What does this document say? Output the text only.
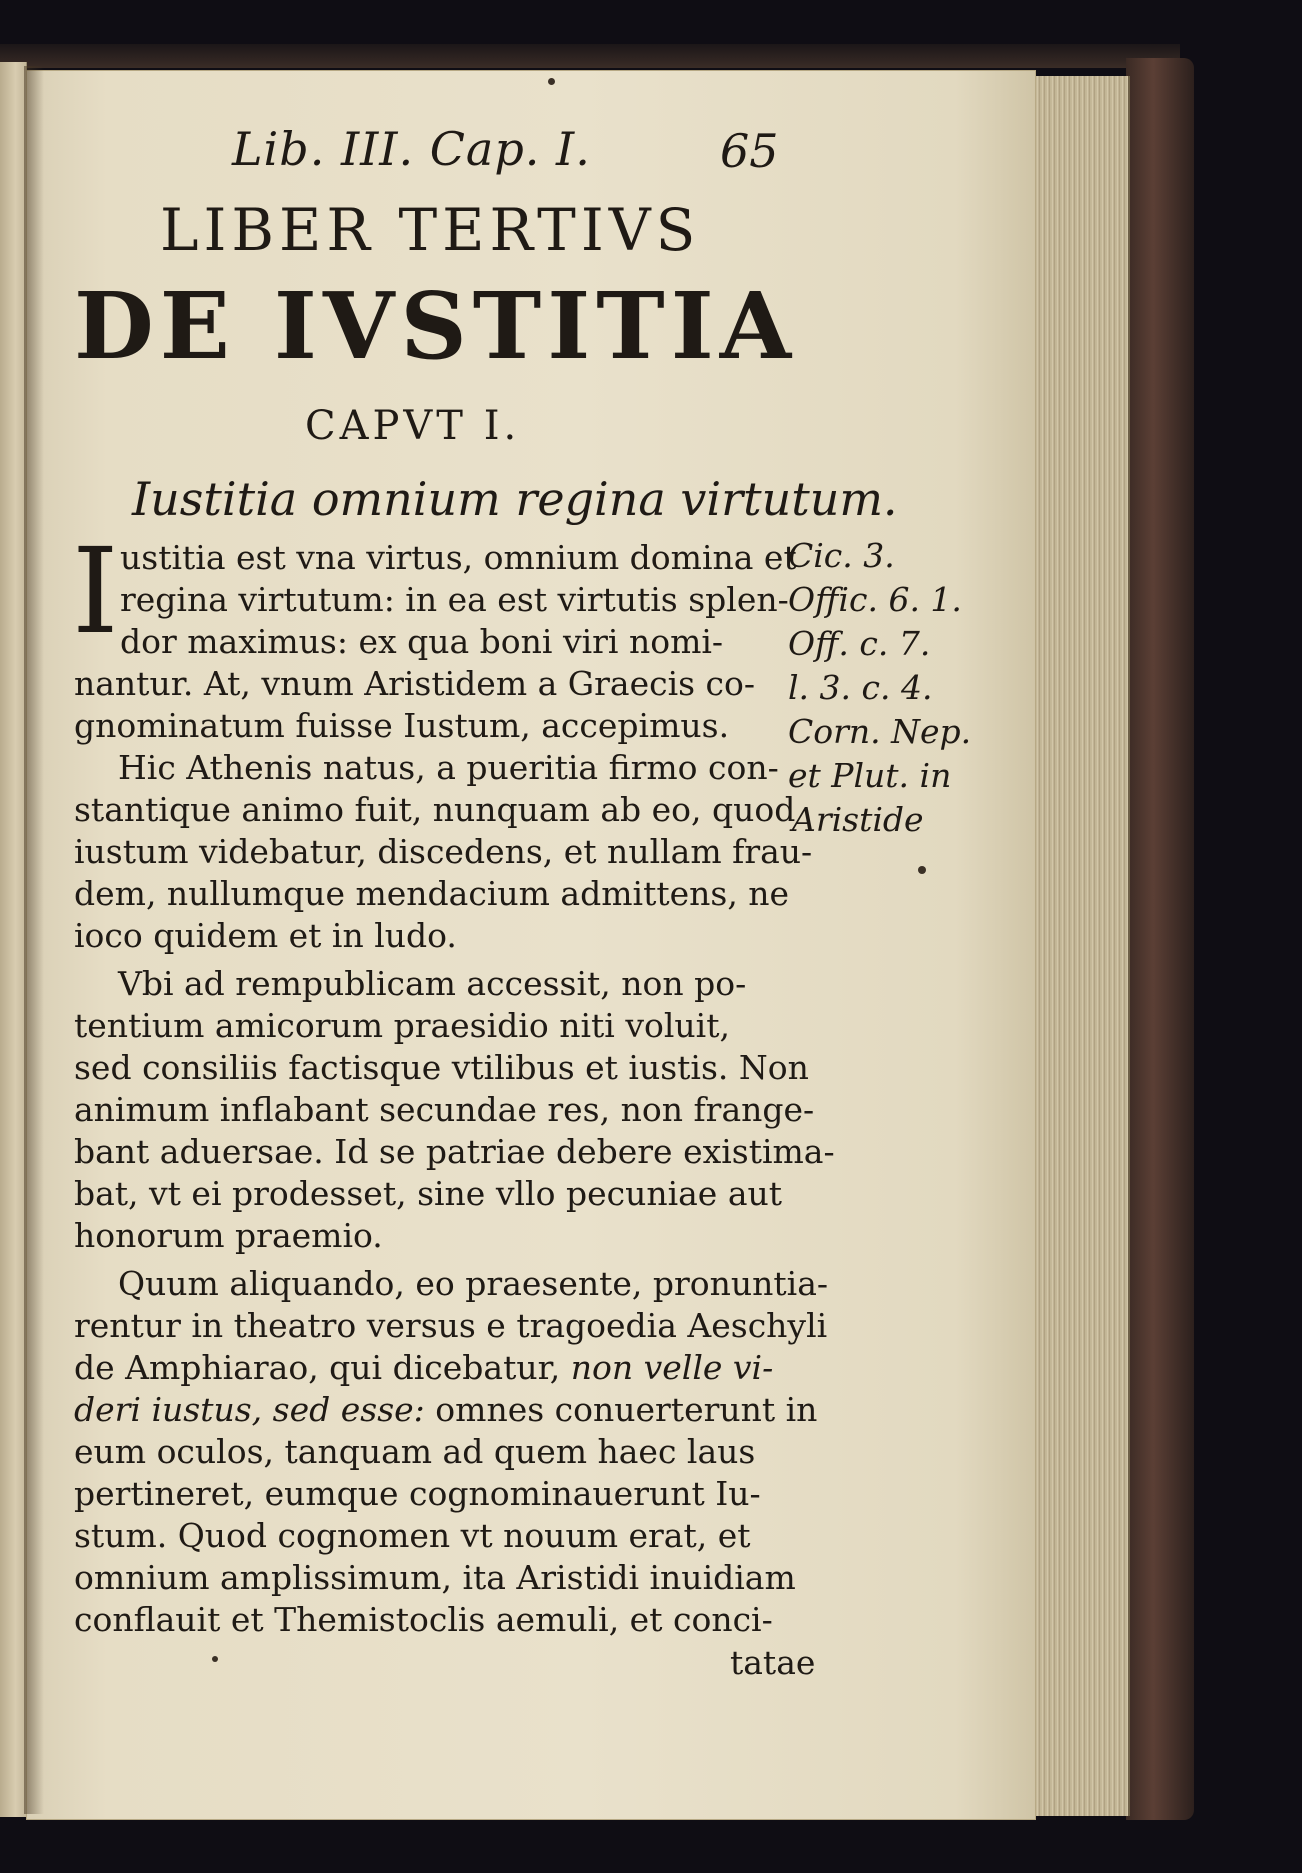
Lib. III. Cap. I.	65
LIBER TERTIVS
DE IVSTITIA
CAPVT I.
Iustitia omnium regina virtutum.
I ustitia est vna virtus, omnium domina et
regina virtutum: in ea est virtutis splen-
dor maximus: ex qua boni viri nomi-
nantur. At, vnum Aristidem a Graecis co-
gnominatum fuisse Iustum, accepimus.
Hic Athenis natus, a pueritia firmo con-
stantique animo fuit, nunquam ab eo, quod
iustum videbatur, discedens, et nullam frau-
dem, nullumque mendacium admittens, ne
ioco quidem et in ludo.
Vbi ad rempublicam accessit, non po-
tentium amicorum praesidio niti voluit,
sed consiliis factisque vtilibus et iustis. Non
animum inflabant secundae res, non frange-
bant aduersae. Id se patriae debere existima-
bat, vt ei prodesset, sine vllo pecuniae aut
honorum praemio.
Quum aliquando, eo praesente, pronuntia-
rentur in theatro versus e tragoedia Aeschyli
de Amphiarao, qui dicebatur, non velle vi-
deri iustus, sed esse: omnes conuerterunt in
eum oculos, tanquam ad quem haec laus
pertineret, eumque cognominauerunt Iu-
stum. Quod cognomen vt nouum erat, et
omnium amplissimum, ita Aristidi inuidiam
conflauit et Themistoclis aemuli, et conci-
tatae
Cic. 3.
Offic. 6. 1.
Off. c. 7.
l. 3. c. 4.
Corn. Nep.
et Plut. in
Aristide
